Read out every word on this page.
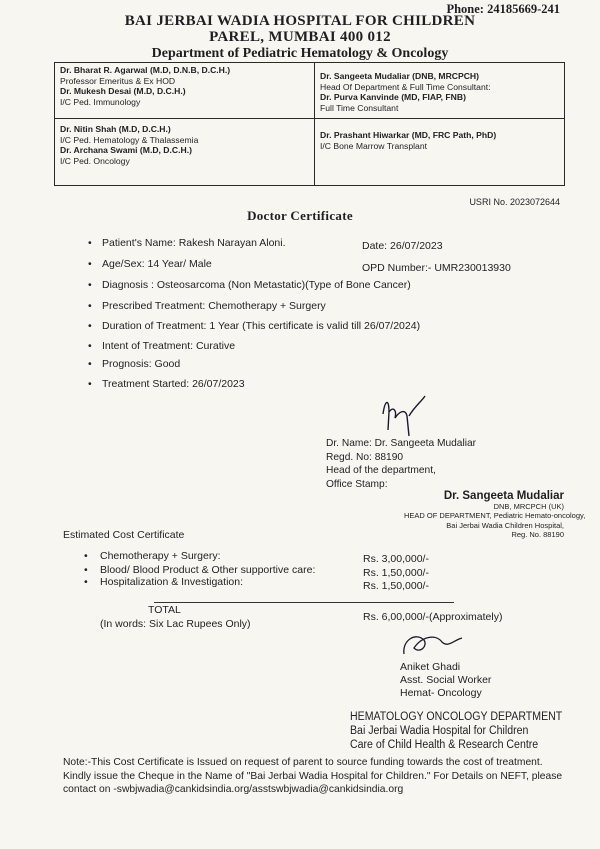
Phone: 24185669-241
BAI JERBAI WADIA HOSPITAL FOR CHILDREN
PAREL, MUMBAI 400 012
Department of Pediatric Hematology & Oncology
Dr. Bharat R. Agarwal (M.D, D.N.B, D.C.H.)
Professor Emeritus & Ex HOD
Dr. Mukesh Desai (M.D, D.C.H.)
I/C Ped. Immunology
Dr. Sangeeta Mudaliar (DNB, MRCPCH)
Head Of Department & Full Time Consultant:
Dr. Purva Kanvinde (MD, FIAP, FNB)
Full Time Consultant
Dr. Nitin Shah (M.D, D.C.H.)
I/C Ped. Hematology & Thalassemia
Dr. Archana Swami (M.D, D.C.H.)
I/C Ped. Oncology
Dr. Prashant Hiwarkar (MD, FRC Path, PhD)
I/C Bone Marrow Transplant
USRI No. 2023072644
Doctor Certificate
• Patient's Name: Rakesh Narayan Aloni.	Date: 26/07/2023
• Age/Sex: 14 Year/ Male	OPD Number:- UMR230013930
• Diagnosis : Osteosarcoma (Non Metastatic)(Type of Bone Cancer)
• Prescribed Treatment: Chemotherapy + Surgery
• Duration of Treatment: 1 Year (This certificate is valid till 26/07/2024)
• Intent of Treatment: Curative
• Prognosis: Good
• Treatment Started: 26/07/2023
Dr. Name: Dr. Sangeeta Mudaliar
Regd. No: 88190
Head of the department,
Office Stamp:
Dr. Sangeeta Mudaliar
DNB, MRCPCH (UK)
HEAD OF DEPARTMENT, Pediatric Hemato-oncology,
Bai Jerbai Wadia Children Hospital,
Reg. No. 88190
Estimated Cost Certificate
• Chemotherapy + Surgery:	Rs. 3,00,000/-
• Blood/ Blood Product & Other supportive care:	Rs. 1,50,000/-
• Hospitalization & Investigation:	Rs. 1,50,000/-
TOTAL
(In words: Six Lac Rupees Only)
Rs. 6,00,000/-(Approximately)
Aniket Ghadi
Asst. Social Worker
Hemat- Oncology
HEMATOLOGY ONCOLOGY DEPARTMENT
Bai Jerbai Wadia Hospital for Children
Care of Child Health & Research Centre
Note:-This Cost Certificate is Issued on request of parent to source funding towards the cost of treatment. Kindly issue the Cheque in the Name of "Bai Jerbai Wadia Hospital for Children." For Details on NEFT, please contact on -swbjwadia@cankidsindia.org/asstswbjwadia@cankidsindia.org
